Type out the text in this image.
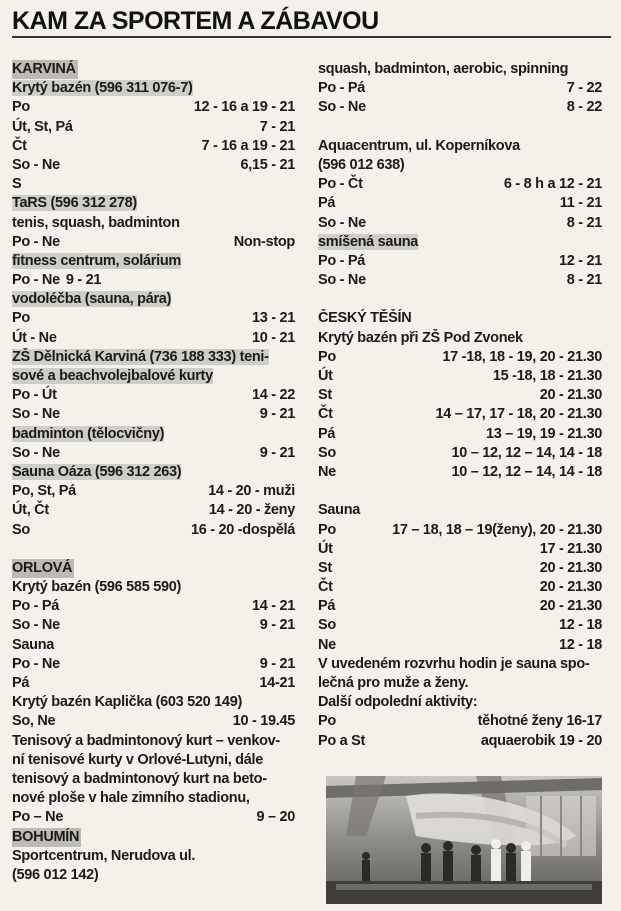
KAM ZA SPORTEM A ZÁBAVOU
KARVINÁ
Krytý bazén (596 311 076-7)
Po	12 - 16 a 19 - 21
Út, St, Pá	7 - 21
Čt	7 - 16 a 19 - 21
So - Ne	6,15 - 21
S
TaRS (596 312 278)
tenis, squash, badminton
Po - Ne	Non-stop
fitness centrum, solárium
Po - Ne 9 - 21
vodoléčba (sauna, pára)
Po	13 - 21
Út - Ne	10 - 21
ZŠ Dělnická Karviná (736 188 333) teni-
sové a beachvolejbalové kurty
Po - Út	14 - 22
So - Ne	9 - 21
badminton (tělocvičny)
So - Ne	9 - 21
Sauna Oáza (596 312 263)
Po, St, Pá	14 - 20 - muži
Út, Čt	14 - 20 - ženy
So	16 - 20 -dospělá
ORLOVÁ
Krytý bazén (596 585 590)
Po - Pá	14 - 21
So - Ne	9 - 21
Sauna
Po - Ne	9 - 21
Pá	14-21
Krytý bazén Kaplička (603 520 149)
So, Ne	10 - 19.45
Tenisový a badmintonový kurt – venkov-
ní tenisové kurty v Orlové-Lutyni, dále
tenisový a badmintonový kurt na beto-
nové ploše v hale zimního stadionu,
Po – Ne	9 – 20
BOHUMÍN
Sportcentrum, Nerudova ul.
(596 012 142)
squash, badminton, aerobic, spinning
Po - Pá	7 - 22
So - Ne	8 - 22
Aquacentrum, ul. Koperníkova
(596 012 638)
Po - Čt	6 - 8 h a 12 - 21
Pá	11 - 21
So - Ne	8 - 21
smíšená sauna
Po - Pá	12 - 21
So - Ne	8 - 21
ČESKÝ TĚŠÍN
Krytý bazén při ZŠ Pod Zvonek
Po	17 -18, 18 - 19, 20 - 21.30
Út	15 -18, 18 - 21.30
St	20 - 21.30
Čt	14 – 17, 17 - 18, 20 - 21.30
Pá	13 – 19, 19 - 21.30
So	10 – 12, 12 – 14, 14 - 18
Ne	10 – 12, 12 – 14, 14 - 18
Sauna
Po	17 – 18, 18 – 19(ženy), 20 - 21.30
Út	17 - 21.30
St	20 - 21.30
Čt	20 - 21.30
Pá	20 - 21.30
So	12 - 18
Ne	12 - 18
V uvedeném rozvrhu hodin je sauna spo-
lečná pro muže a ženy.
Další odpolední aktivity:
Po	těhotné ženy 16-17
Po a St	aquaerobik 19 - 20
